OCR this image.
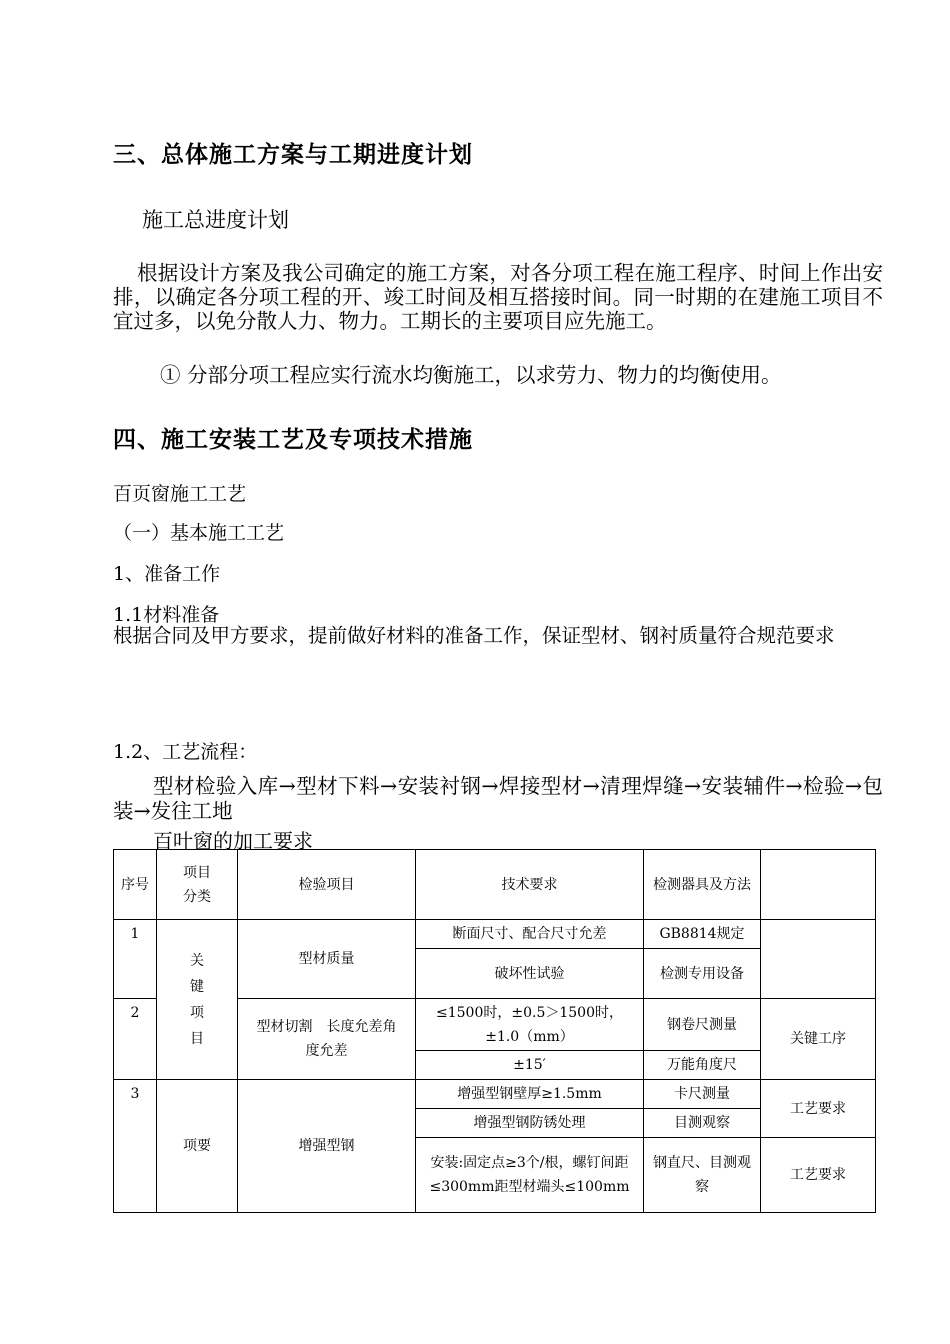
三、总体施工方案与工期进度计划
施工总进度计划
根据设计方案及我公司确定的施工方案，对各分项工程在施工程序、时间上作出安排，以确定各分项工程的开、竣工时间及相互搭接时间。同一时期的在建施工项目不宜过多，以免分散人力、物力。工期长的主要项目应先施工。
① 分部分项工程应实行流水均衡施工，以求劳力、物力的均衡使用。
四、施工安装工艺及专项技术措施
百页窗施工工艺
（一）基本施工工艺
1、准备工作
1.1材料准备
根据合同及甲方要求，提前做好材料的准备工作，保证型材、钢衬质量符合规范要求
1.2、工艺流程：
型材检验入库→型材下料→安装衬钢→焊接型材→清理焊缝→安装辅件→检验→包装→发往工地
百叶窗的加工要求
序号	项目分类	检验项目	技术要求	检测器具及方法	
1	关键项目	型材质量	断面尺寸、配合尺寸允差	GB8814规定	
			破坏性试验	检测专用设备	
2		型材切割　长度允差角度允差	≤1500时，±0.5＞1500时，±1.0（mm）	钢卷尺测量	关键工序
			±15′	万能角度尺	
3	项要	增强型钢	增强型钢壁厚≥1.5mm	卡尺测量	工艺要求
			增强型钢防锈处理	目测观察	
			安装:固定点≥3个/根，螺钉间距≤300mm距型材端头≤100mm	钢直尺、目测观察	工艺要求
